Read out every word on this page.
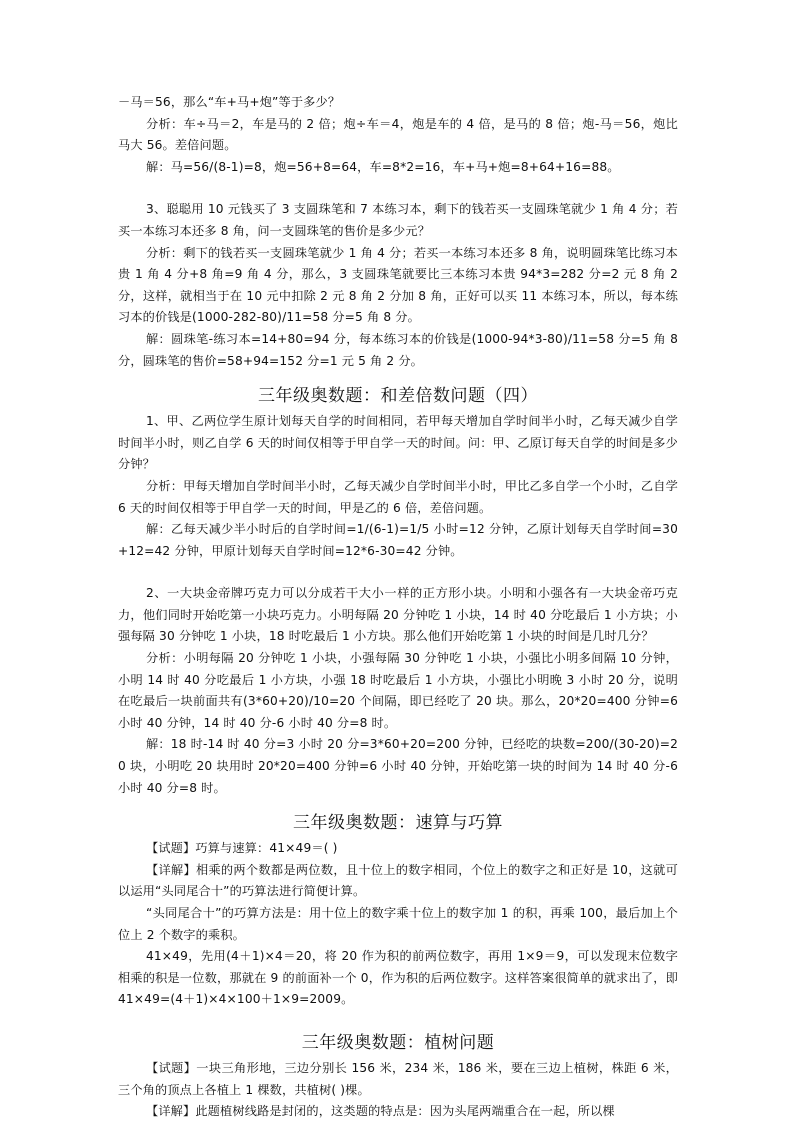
－马＝56，那么“车+马+炮”等于多少？

分析：车÷马＝2，车是马的 2 倍；炮÷车＝4，炮是车的 4 倍，是马的 8 倍；炮-马＝56，炮比马大 56。差倍问题。

解：马=56/(8-1)=8，炮=56+8=64，车=8*2=16，车+马+炮=8+64+16=88。

3、聪聪用 10 元钱买了 3 支圆珠笔和 7 本练习本，剩下的钱若买一支圆珠笔就少 1 角 4 分；若买一本练习本还多 8 角，问一支圆珠笔的售价是多少元？

分析：剩下的钱若买一支圆珠笔就少 1 角 4 分；若买一本练习本还多 8 角，说明圆珠笔比练习本贵 1 角 4 分+8 角=9 角 4 分，那么，3 支圆珠笔就要比三本练习本贵 94*3=282 分=2 元 8 角 2 分，这样，就相当于在 10 元中扣除 2 元 8 角 2 分加 8 角，正好可以买 11 本练习本，所以，每本练习本的价钱是(1000-282-80)/11=58 分=5 角 8 分。

解：圆珠笔-练习本=14+80=94 分，每本练习本的价钱是(1000-94*3-80)/11=58 分=5 角 8 分，圆珠笔的售价=58+94=152 分=1 元 5 角 2 分。

三年级奥数题：和差倍数问题（四）

1、甲、乙两位学生原计划每天自学的时间相同，若甲每天增加自学时间半小时，乙每天减少自学时间半小时，则乙自学 6 天的时间仅相等于甲自学一天的时间。问：甲、乙原订每天自学的时间是多少分钟？

分析：甲每天增加自学时间半小时，乙每天减少自学时间半小时，甲比乙多自学一个小时，乙自学 6 天的时间仅相等于甲自学一天的时间，甲是乙的 6 倍，差倍问题。

解：乙每天减少半小时后的自学时间=1/(6-1)=1/5 小时=12 分钟，乙原计划每天自学时间=30+12=42 分钟，甲原计划每天自学时间=12*6-30=42 分钟。

2、一大块金帝牌巧克力可以分成若干大小一样的正方形小块。小明和小强各有一大块金帝巧克力，他们同时开始吃第一小块巧克力。小明每隔 20 分钟吃 1 小块，14 时 40 分吃最后 1 小方块；小强每隔 30 分钟吃 1 小块，18 时吃最后 1 小方块。那么他们开始吃第 1 小块的时间是几时几分？

分析：小明每隔 20 分钟吃 1 小块，小强每隔 30 分钟吃 1 小块，小强比小明多间隔 10 分钟，小明 14 时 40 分吃最后 1 小方块，小强 18 时吃最后 1 小方块，小强比小明晚 3 小时 20 分，说明在吃最后一块前面共有(3*60+20)/10=20 个间隔，即已经吃了 20 块。那么，20*20=400 分钟=6 小时 40 分钟，14 时 40 分-6 小时 40 分=8 时。

解：18 时-14 时 40 分=3 小时 20 分=3*60+20=200 分钟，已经吃的块数=200/(30-20)=20 块，小明吃 20 块用时 20*20=400 分钟=6 小时 40 分钟，开始吃第一块的时间为 14 时 40 分-6 小时 40 分=8 时。

三年级奥数题：速算与巧算

【试题】巧算与速算：41×49＝( )

【详解】相乘的两个数都是两位数，且十位上的数字相同，个位上的数字之和正好是 10，这就可以运用“头同尾合十”的巧算法进行简便计算。

“头同尾合十”的巧算方法是：用十位上的数字乘十位上的数字加 1 的积，再乘 100，最后加上个位上 2 个数字的乘积。

41×49，先用(4＋1)×4＝20，将 20 作为积的前两位数字，再用 1×9＝9，可以发现末位数字相乘的积是一位数，那就在 9 的前面补一个 0，作为积的后两位数字。这样答案很简单的就求出了，即 41×49=(4＋1)×4×100＋1×9=2009。

三年级奥数题：植树问题

【试题】一块三角形地，三边分别长 156 米，234 米，186 米，要在三边上植树，株距 6 米，三个角的顶点上各植上 1 棵数，共植树( )棵。

【详解】此题植树线路是封闭的，这类题的特点是：因为头尾两端重合在一起，所以棵
